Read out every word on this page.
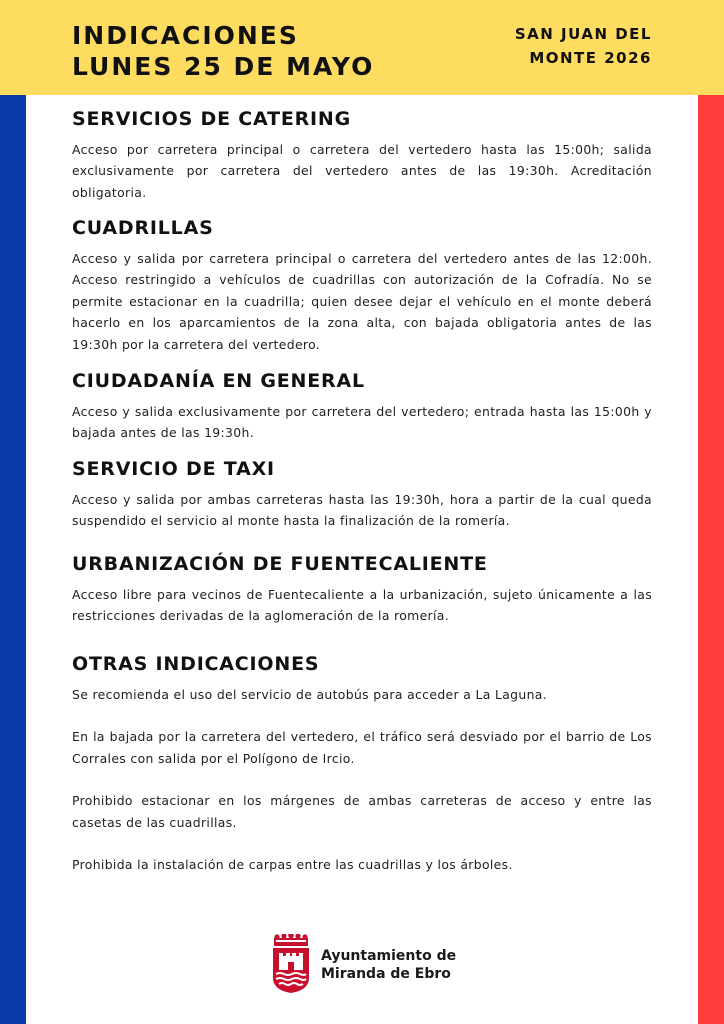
INDICACIONES
LUNES 25 DE MAYO
SAN JUAN DEL
MONTE 2026
SERVICIOS DE CATERING

Acceso por carretera principal o carretera del vertedero hasta las 15:00h; salida exclusivamente por carretera del vertedero antes de las 19:30h. Acreditación obligatoria.

CUADRILLAS

Acceso y salida por carretera principal o carretera del vertedero antes de las 12:00h. Acceso restringido a vehículos de cuadrillas con autorización de la Cofradía. No se permite estacionar en la cuadrilla; quien desee dejar el vehículo en el monte deberá hacerlo en los aparcamientos de la zona alta, con bajada obligatoria antes de las 19:30h por la carretera del vertedero.

CIUDADANÍA EN GENERAL

Acceso y salida exclusivamente por carretera del vertedero; entrada hasta las 15:00h y bajada antes de las 19:30h.

SERVICIO DE TAXI

Acceso y salida por ambas carreteras hasta las 19:30h, hora a partir de la cual queda suspendido el servicio al monte hasta la finalización de la romería.

URBANIZACIÓN DE FUENTECALIENTE

Acceso libre para vecinos de Fuentecaliente a la urbanización, sujeto únicamente a las restricciones derivadas de la aglomeración de la romería.

OTRAS INDICACIONES

Se recomienda el uso del servicio de autobús para acceder a La Laguna.

En la bajada por la carretera del vertedero, el tráfico será desviado por el barrio de Los Corrales con salida por el Polígono de Ircio.

Prohibido estacionar en los márgenes de ambas carreteras de acceso y entre las casetas de las cuadrillas.

Prohibida la instalación de carpas entre las cuadrillas y los árboles.

Ayuntamiento de
Miranda de Ebro
